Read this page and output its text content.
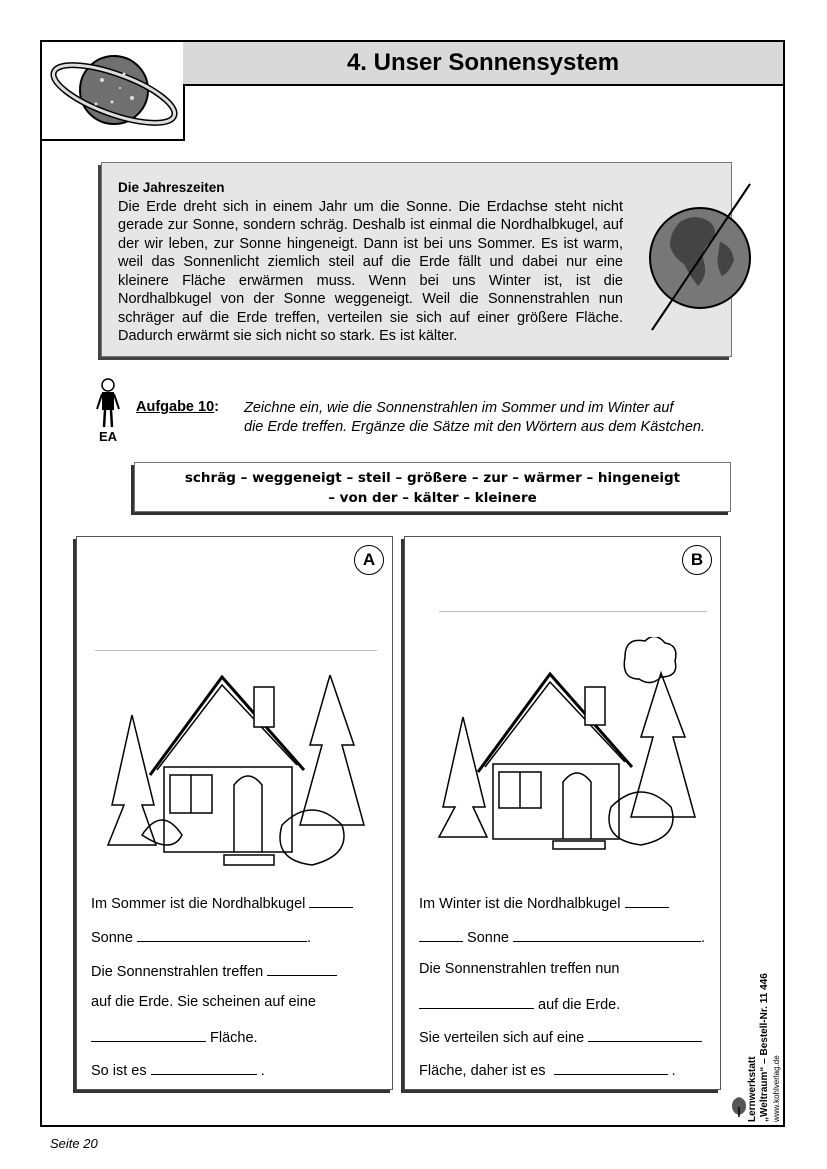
4. Unser Sonnensystem
Die Jahreszeiten
Die Erde dreht sich in einem Jahr um die Sonne. Die Erdachse steht nicht gerade zur Sonne, sondern schräg. Deshalb ist einmal die Nordhalbkugel, auf der wir leben, zur Sonne hingeneigt. Dann ist bei uns Sommer. Es ist warm, weil das Sonnenlicht ziemlich steil auf die Erde fällt und dabei nur eine kleinere Fläche erwärmen muss. Wenn bei uns Winter ist, ist die Nordhalbkugel von der Sonne weggeneigt. Weil die Sonnenstrahlen nun schräger auf die Erde treffen, verteilen sie sich auf einer größere Fläche. Dadurch erwärmt sie sich nicht so stark. Es ist kälter.
EA
Aufgabe 10: Zeichne ein, wie die Sonnenstrahlen im Sommer und im Winter auf
die Erde treffen. Ergänze die Sätze mit den Wörtern aus dem Kästchen.
schräg – weggeneigt – steil – größere – zur – wärmer – hingeneigt
– von der – kälter – kleinere
A
Im Sommer ist die Nordhalbkugel
Sonne	.
Die Sonnenstrahlen treffen
auf die Erde. Sie scheinen auf eine
Fläche.
So ist es	.
B
Im Winter ist die Nordhalbkugel
Sonne	.
Die Sonnenstrahlen treffen nun
auf die Erde.
Sie verteilen sich auf eine
Fläche, daher ist es	.	Lernwerkstatt „Weltraum“ – Bestell-Nr. 11 446 www.kohlverlag.de
Seite 20
